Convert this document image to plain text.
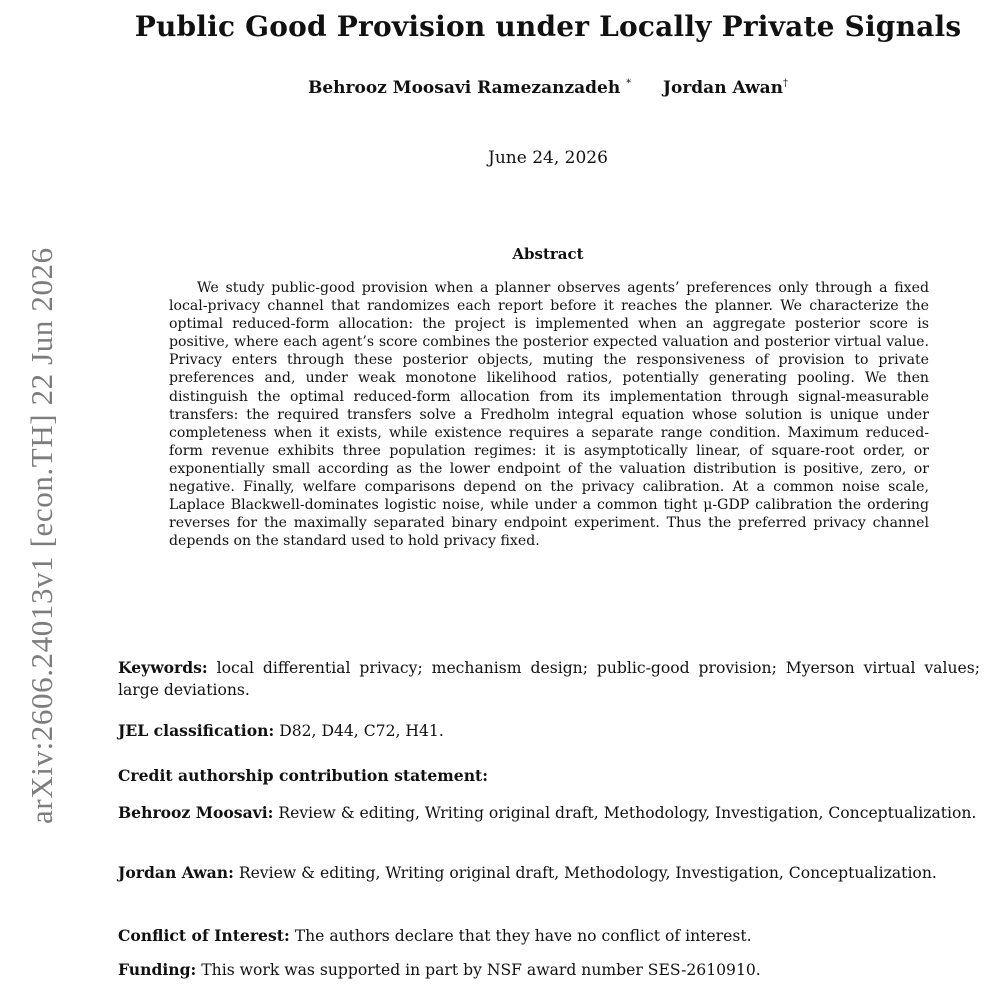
arXiv:2606.24013v1 [econ.TH] 22 Jun 2026
Public Good Provision under Locally Private Signals
Behrooz Moosavi Ramezanzadeh * Jordan Awan†
June 24, 2026
Abstract

We study public-good provision when a planner observes agents’ preferences only through a fixed local-privacy channel that randomizes each report before it reaches the planner. We characterize the optimal reduced-form allocation: the project is implemented when an aggregate posterior score is positive, where each agent’s score combines the posterior expected valuation and posterior virtual value. Privacy enters through these posterior objects, muting the responsiveness of provision to private preferences and, under weak monotone likelihood ratios, potentially generating pooling. We then distinguish the optimal reduced-form allocation from its implementation through signal-measurable transfers: the required transfers solve a Fredholm integral equation whose solution is unique under completeness when it exists, while existence requires a separate range condition. Maximum reduced-form revenue exhibits three population regimes: it is asymptotically linear, of square-root order, or exponentially small according as the lower endpoint of the valuation distribution is positive, zero, or negative. Finally, welfare comparisons depend on the privacy calibration. At a common noise scale, Laplace Blackwell-dominates logistic noise, while under a common tight μ-GDP calibration the ordering reverses for the maximally separated binary endpoint experiment. Thus the preferred privacy channel depends on the standard used to hold privacy fixed.

Keywords: local differential privacy; mechanism design; public-good provision; Myerson virtual values; large deviations.

JEL classification: D82, D44, C72, H41.

Credit authorship contribution statement:

Behrooz Moosavi: Review & editing, Writing original draft, Methodology, Investigation, Conceptualization.

Jordan Awan: Review & editing, Writing original draft, Methodology, Investigation, Conceptualization.

Conflict of Interest: The authors declare that they have no conflict of interest.

Funding: This work was supported in part by NSF award number SES-2610910.
